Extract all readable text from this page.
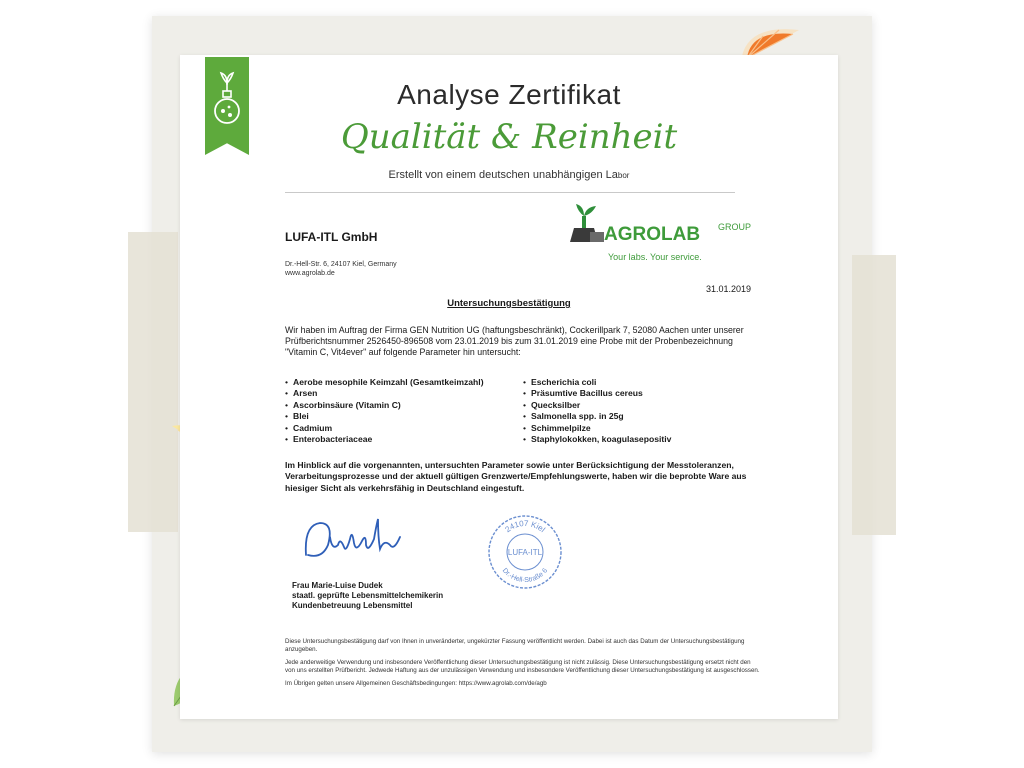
Analyse Zertifikat
Qualität & Reinheit
Erstellt von einem deutschen unabhängigen Labor
LUFA-ITL GmbH
Dr.-Hell-Str. 6, 24107 Kiel, Germany
www.agrolab.de
AGROLAB GROUP
Your labs. Your service.
31.01.2019
Untersuchungsbestätigung
Wir haben im Auftrag der Firma GEN Nutrition UG (haftungsbeschränkt), Cockerillpark 7, 52080 Aachen unter unserer Prüfberichtsnummer 2526450-896508 vom 23.01.2019 bis zum 31.01.2019 eine Probe mit der Probenbezeichnung "Vitamin C, Vit4ever" auf folgende Parameter hin untersucht:
• Aerobe mesophile Keimzahl (Gesamtkeimzahl)
• Arsen
• Ascorbinsäure (Vitamin C)
• Blei
• Cadmium
• Enterobacteriaceae
• Escherichia coli
• Präsumtive Bacillus cereus
• Quecksilber
• Salmonella spp. in 25g
• Schimmelpilze
• Staphylokokken, koagulasepositiv
Im Hinblick auf die vorgenannten, untersuchten Parameter sowie unter Berücksichtigung der Messtoleranzen, Verarbeitungsprozesse und der aktuell gültigen Grenzwerte/Empfehlungswerte, haben wir die beprobte Ware aus hiesiger Sicht als verkehrsfähig in Deutschland eingestuft.
24107 Kiel
LUFA-ITL
Dr.-Hell-Straße 6
Frau Marie-Luise Dudek
staatl. geprüfte Lebensmittelchemikerin
Kundenbetreuung Lebensmittel

Diese Untersuchungsbestätigung darf von Ihnen in unveränderter, ungekürzter Fassung veröffentlicht werden. Dabei ist auch das Datum der Untersuchungsbestätigung anzugeben.

Jede anderweitige Verwendung und insbesondere Veröffentlichung dieser Untersuchungsbestätigung ist nicht zulässig. Diese Untersuchungsbestätigung ersetzt nicht den von uns erstellten Prüfbericht. Jedwede Haftung aus der unzulässigen Verwendung und insbesondere Veröffentlichung dieser Untersuchungsbestätigung ist ausgeschlossen.

Im Übrigen gelten unsere Allgemeinen Geschäftsbedingungen: https://www.agrolab.com/de/agb
